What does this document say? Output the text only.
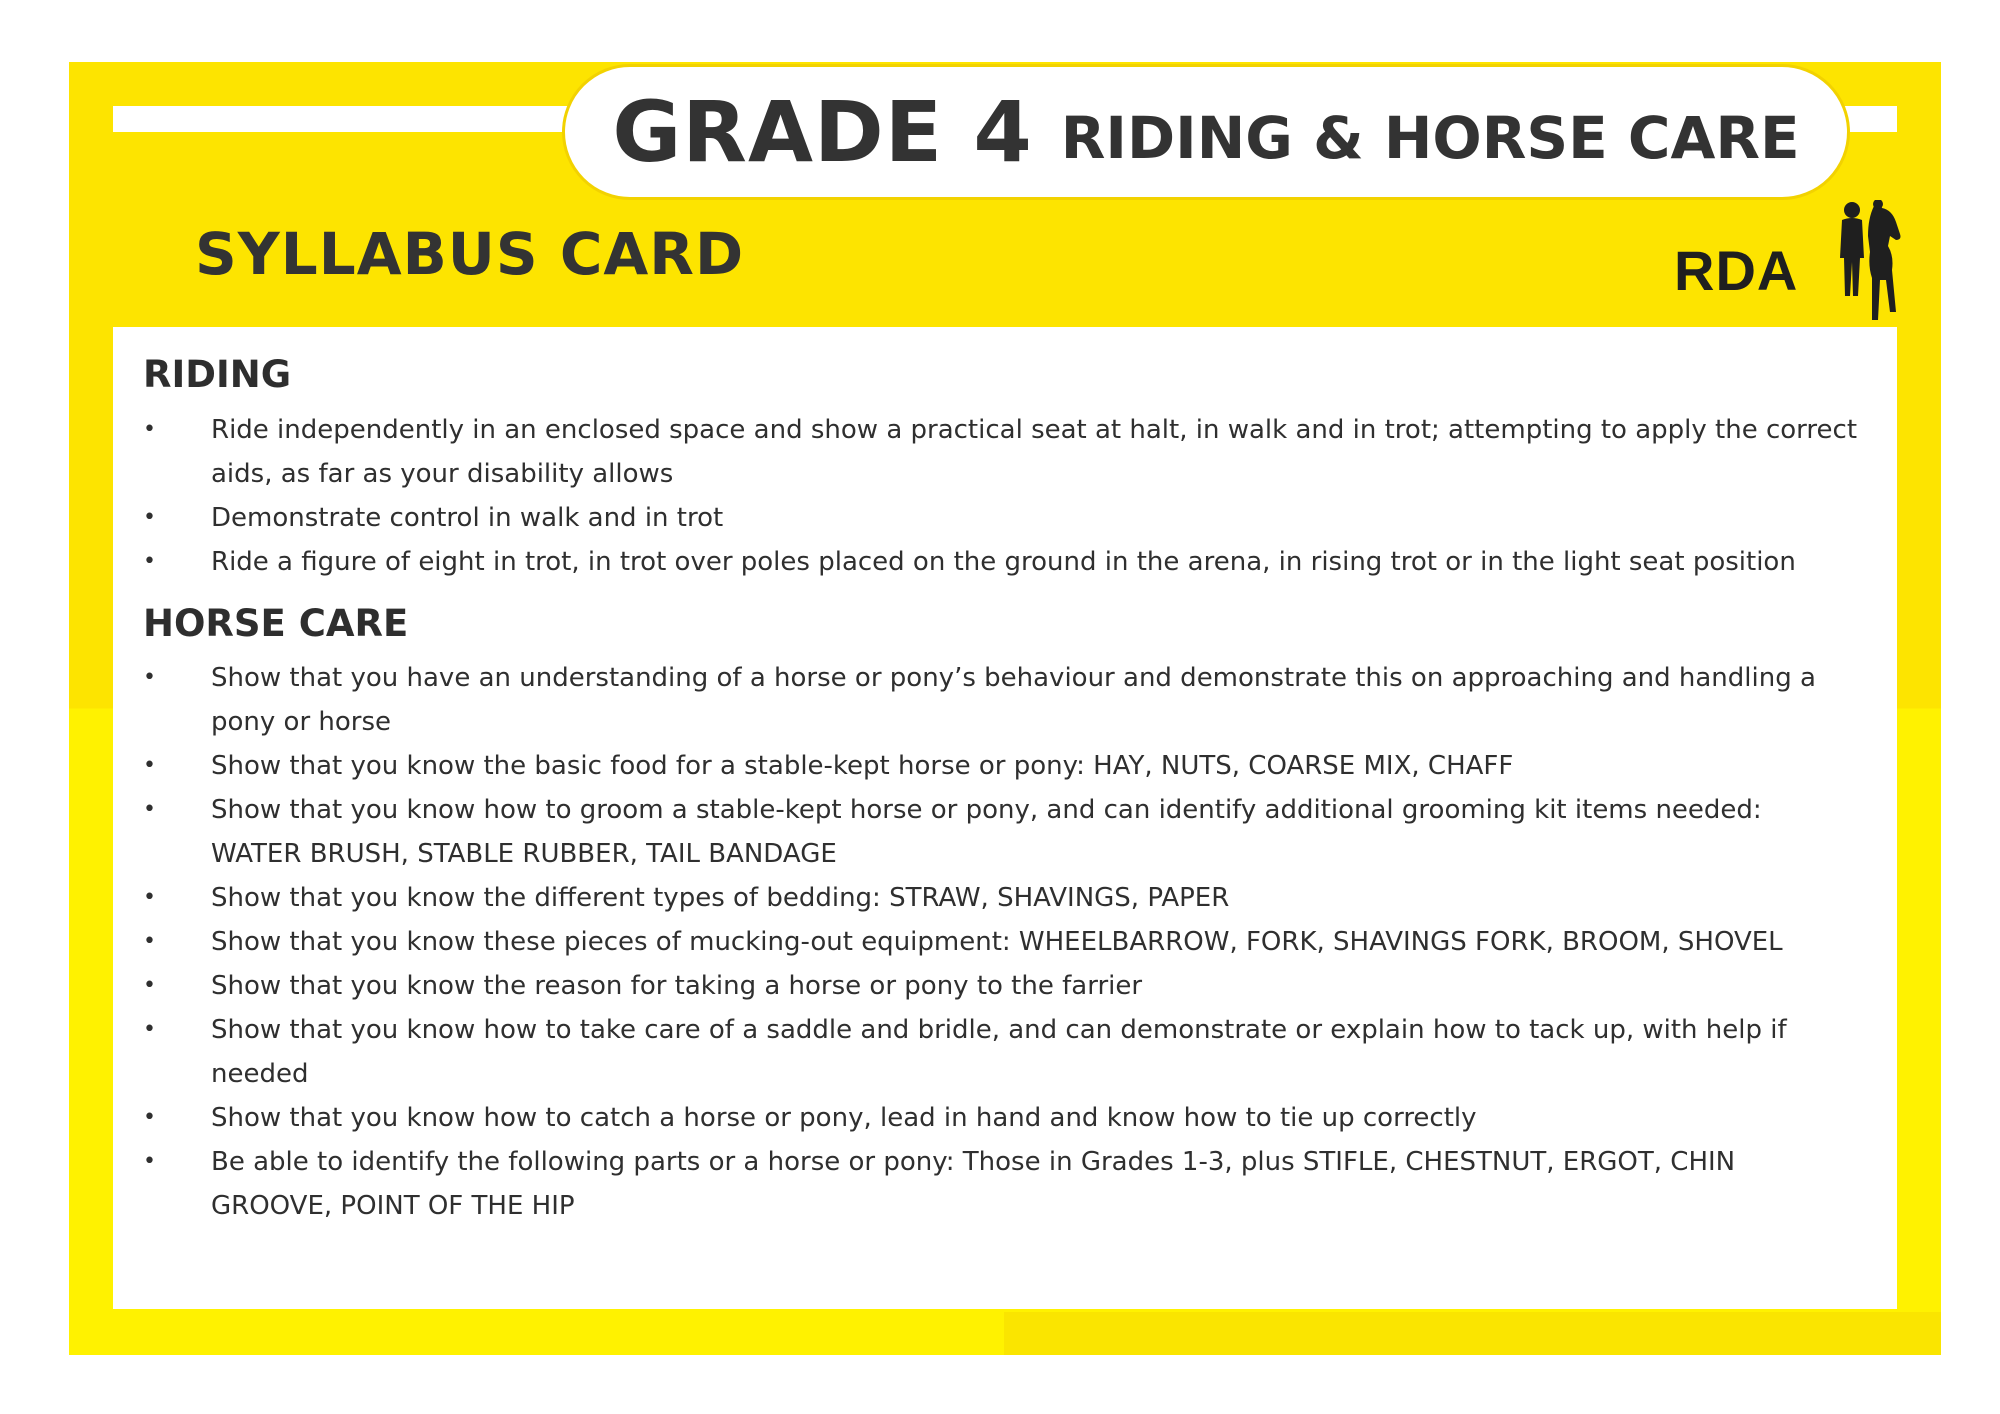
GRADE 4 RIDING & HORSE CARE
SYLLABUS CARD	RDA
RIDING
• Ride independently in an enclosed space and show a practical seat at halt, in walk and in trot; attempting to apply the correct aids, as far as your disability allows
• Demonstrate control in walk and in trot
• Ride a figure of eight in trot, in trot over poles placed on the ground in the arena, in rising trot or in the light seat position
HORSE CARE
• Show that you have an understanding of a horse or pony’s behaviour and demonstrate this on approaching and handling a pony or horse
• Show that you know the basic food for a stable-kept horse or pony: HAY, NUTS, COARSE MIX, CHAFF
• Show that you know how to groom a stable-kept horse or pony, and can identify additional grooming kit items needed: WATER BRUSH, STABLE RUBBER, TAIL BANDAGE
• Show that you know the different types of bedding: STRAW, SHAVINGS, PAPER
• Show that you know these pieces of mucking-out equipment: WHEELBARROW, FORK, SHAVINGS FORK, BROOM, SHOVEL
• Show that you know the reason for taking a horse or pony to the farrier
• Show that you know how to take care of a saddle and bridle, and can demonstrate or explain how to tack up, with help if needed
• Show that you know how to catch a horse or pony, lead in hand and know how to tie up correctly
• Be able to identify the following parts or a horse or pony: Those in Grades 1-3, plus STIFLE, CHESTNUT, ERGOT, CHIN GROOVE, POINT OF THE HIP
